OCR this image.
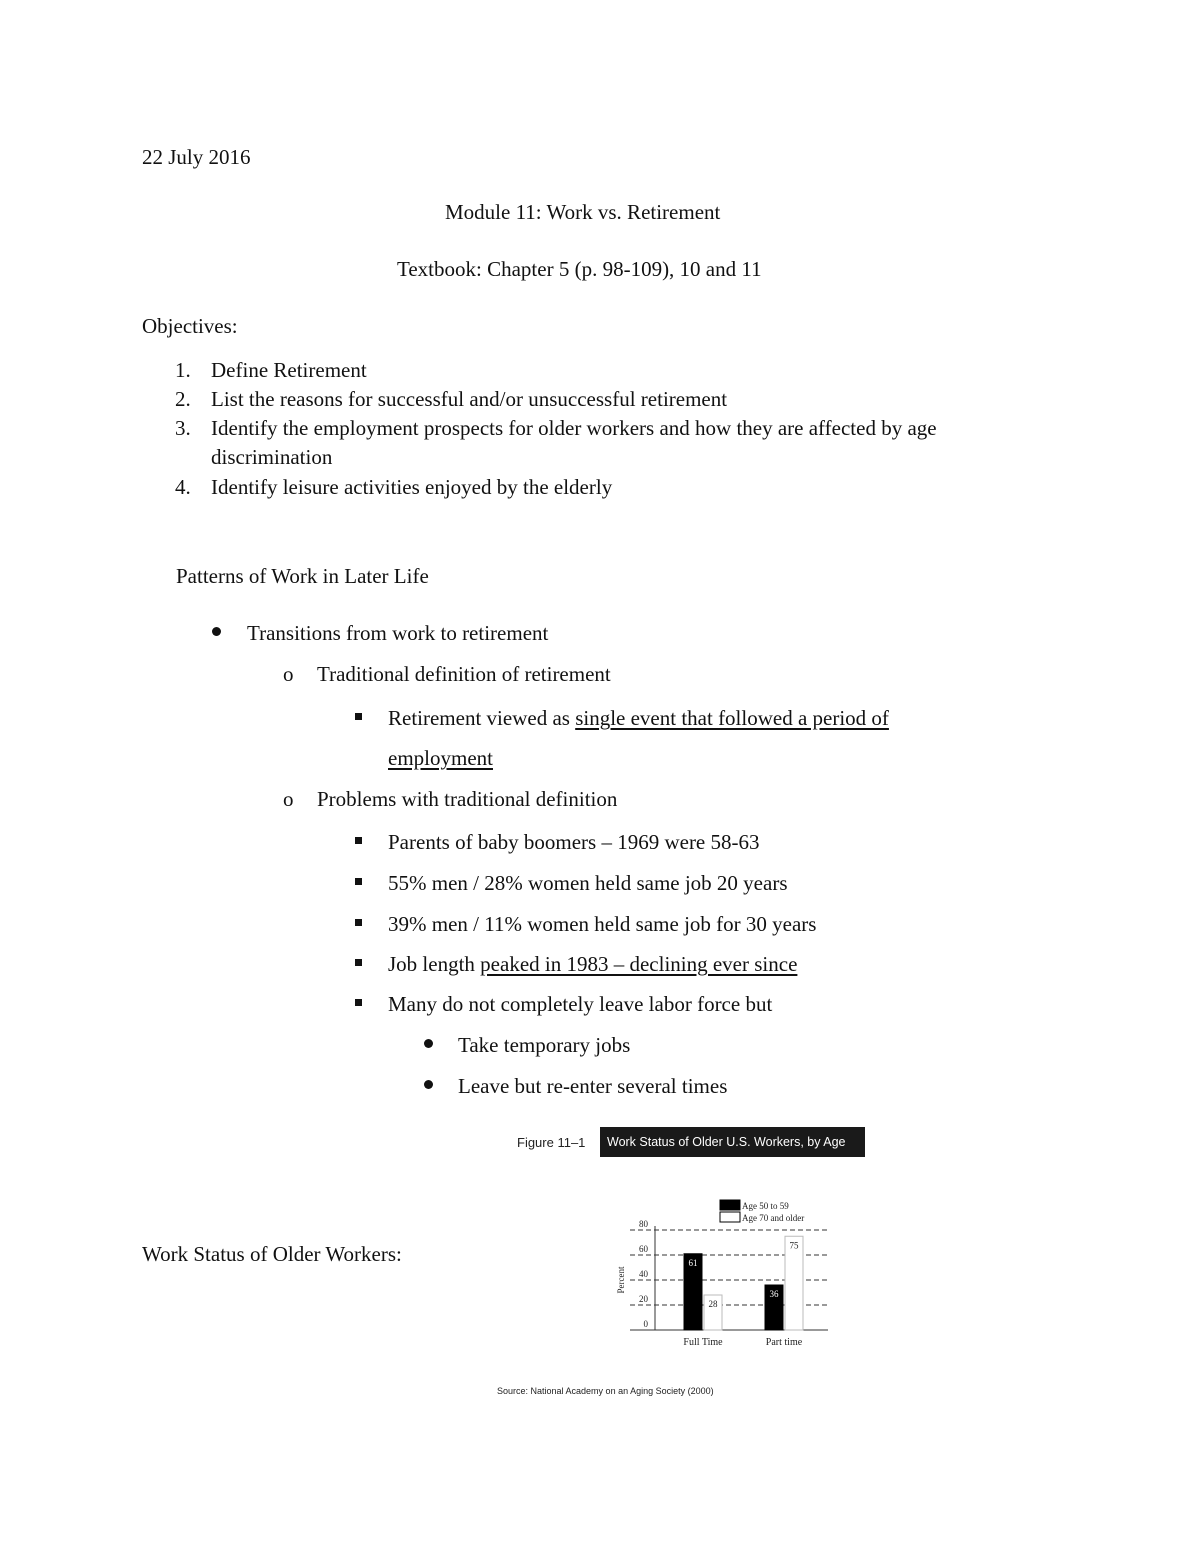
22 July 2016
Module 11: Work vs. Retirement
Textbook: Chapter 5 (p. 98-109), 10 and 11
Objectives:
1. Define Retirement
2. List the reasons for successful and/or unsuccessful retirement
3. Identify the employment prospects for older workers and how they are affected by age
discrimination
4. Identify leisure activities enjoyed by the elderly
Patterns of Work in Later Life
Transitions from work to retirement
o Traditional definition of retirement
Retirement viewed as single event that followed a period of
employment
o Problems with traditional definition
Parents of baby boomers – 1969 were 58-63
55% men / 28% women held same job 20 years
39% men / 11% women held same job for 30 years
Job length peaked in 1983 – declining ever since
Many do not completely leave labor force but
Take temporary jobs
Leave but re-enter several times
Work Status of Older Workers:
Figure 11–1 Work Status of Older U.S. Workers, by Age
0
20
40
60
80
Percent
61
28
Full Time
36
75
Part time
Age 50 to 59
Age 70 and older
Source: National Academy on an Aging Society (2000)
